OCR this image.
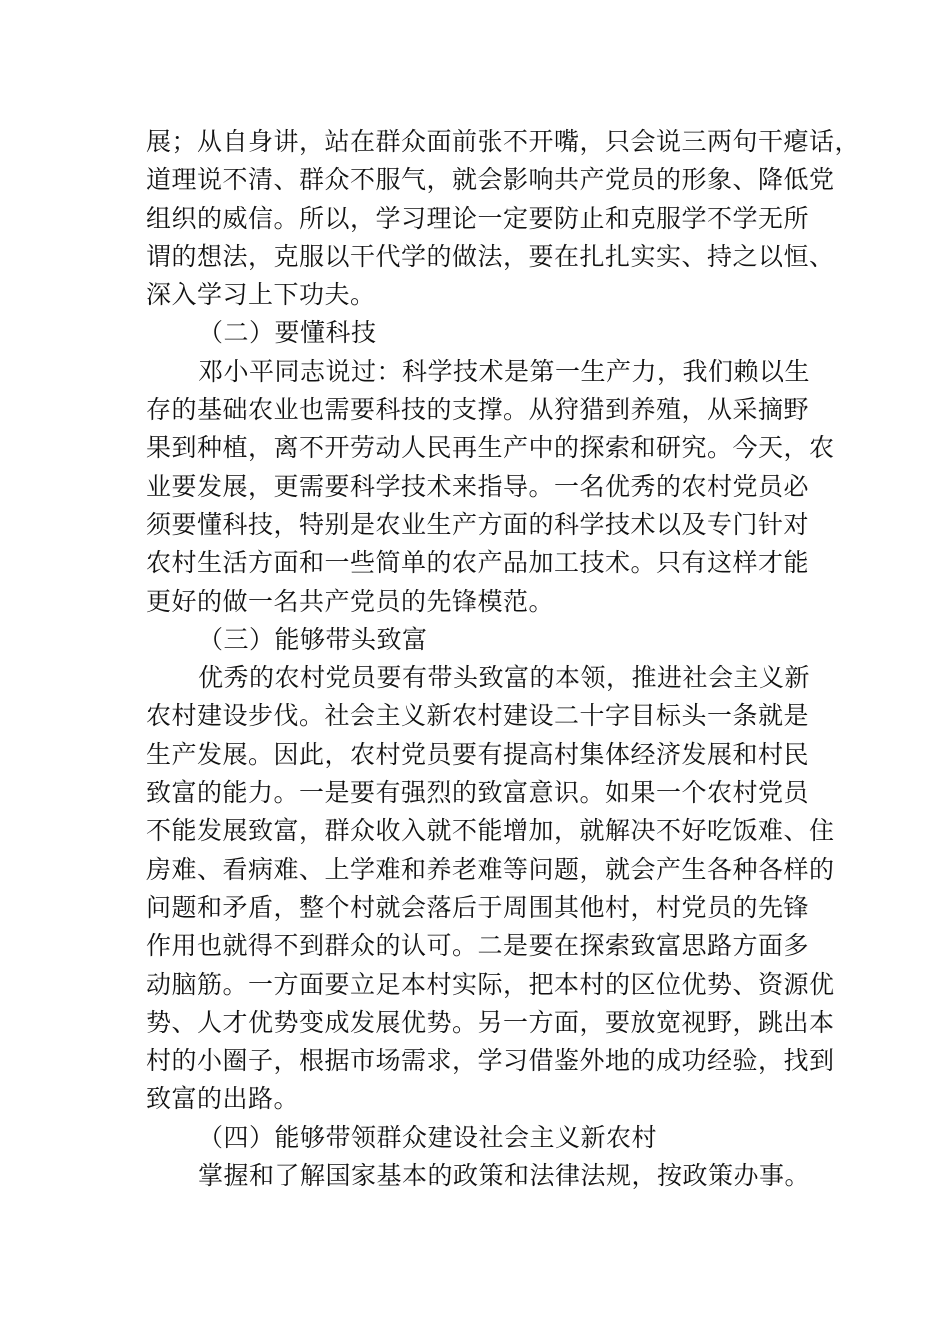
展；从自身讲，站在群众面前张不开嘴，只会说三两句干瘪话，
道理说不清、群众不服气，就会影响共产党员的形象、降低党
组织的威信。所以，学习理论一定要防止和克服学不学无所
谓的想法，克服以干代学的做法，要在扎扎实实、持之以恒、
深入学习上下功夫。
（二）要懂科技
邓小平同志说过：科学技术是第一生产力，我们赖以生
存的基础农业也需要科技的支撑。从狩猎到养殖，从采摘野
果到种植，离不开劳动人民再生产中的探索和研究。今天，农
业要发展，更需要科学技术来指导。一名优秀的农村党员必
须要懂科技，特别是农业生产方面的科学技术以及专门针对
农村生活方面和一些简单的农产品加工技术。只有这样才能
更好的做一名共产党员的先锋模范。
（三）能够带头致富
优秀的农村党员要有带头致富的本领，推进社会主义新
农村建设步伐。社会主义新农村建设二十字目标头一条就是
生产发展。因此，农村党员要有提高村集体经济发展和村民
致富的能力。一是要有强烈的致富意识。如果一个农村党员
不能发展致富，群众收入就不能增加，就解决不好吃饭难、住
房难、看病难、上学难和养老难等问题，就会产生各种各样的
问题和矛盾，整个村就会落后于周围其他村，村党员的先锋
作用也就得不到群众的认可。二是要在探索致富思路方面多
动脑筋。一方面要立足本村实际，把本村的区位优势、资源优
势、人才优势变成发展优势。另一方面，要放宽视野，跳出本
村的小圈子，根据市场需求，学习借鉴外地的成功经验，找到
致富的出路。
（四）能够带领群众建设社会主义新农村
掌握和了解国家基本的政策和法律法规，按政策办事。
